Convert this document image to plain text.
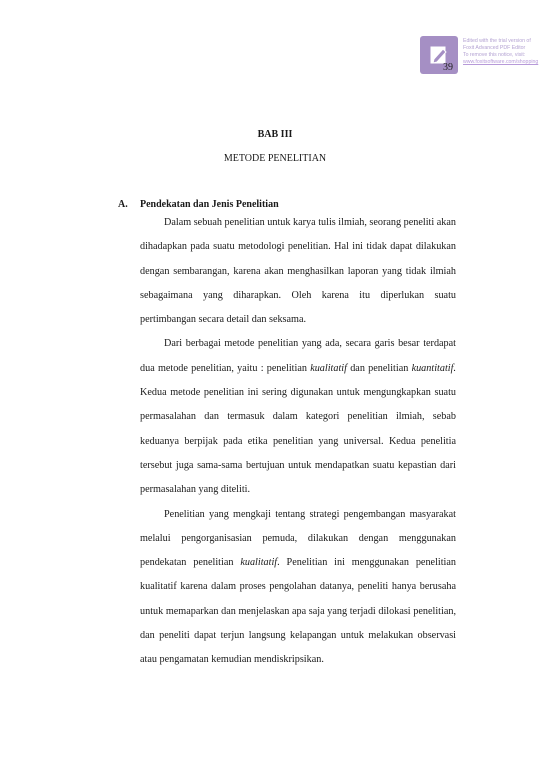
Edited with the trial version of
Foxit Advanced PDF Editor
To remove this notice, visit:
www.foxitsoftware.com/shopping
39
BAB III
METODE PENELITIAN
A. Pendekatan dan Jenis Penelitian

Dalam sebuah penelitian untuk karya tulis ilmiah, seorang peneliti akan dihadapkan pada suatu metodologi penelitian. Hal ini tidak dapat dilakukan dengan sembarangan, karena akan menghasilkan laporan yang tidak ilmiah sebagaimana yang diharapkan. Oleh karena itu diperlukan suatu pertimbangan secara detail dan seksama.

Dari berbagai metode penelitian yang ada, secara garis besar terdapat dua metode penelitian, yaitu : penelitian kualitatif dan penelitian kuantitatif. Kedua metode penelitian ini sering digunakan untuk mengungkapkan suatu permasalahan dan termasuk dalam kategori penelitian ilmiah, sebab keduanya berpijak pada etika penelitian yang universal. Kedua penelitia tersebut juga sama-sama bertujuan untuk mendapatkan suatu kepastian dari permasalahan yang diteliti.

Penelitian yang mengkaji tentang strategi pengembangan masyarakat melalui pengorganisasian pemuda, dilakukan dengan menggunakan pendekatan penelitian kualitatif. Penelitian ini menggunakan penelitian kualitatif karena dalam proses pengolahan datanya, peneliti hanya berusaha untuk memaparkan dan menjelaskan apa saja yang terjadi dilokasi penelitian, dan peneliti dapat terjun langsung kelapangan untuk melakukan observasi atau pengamatan kemudian mendiskripsikan.
